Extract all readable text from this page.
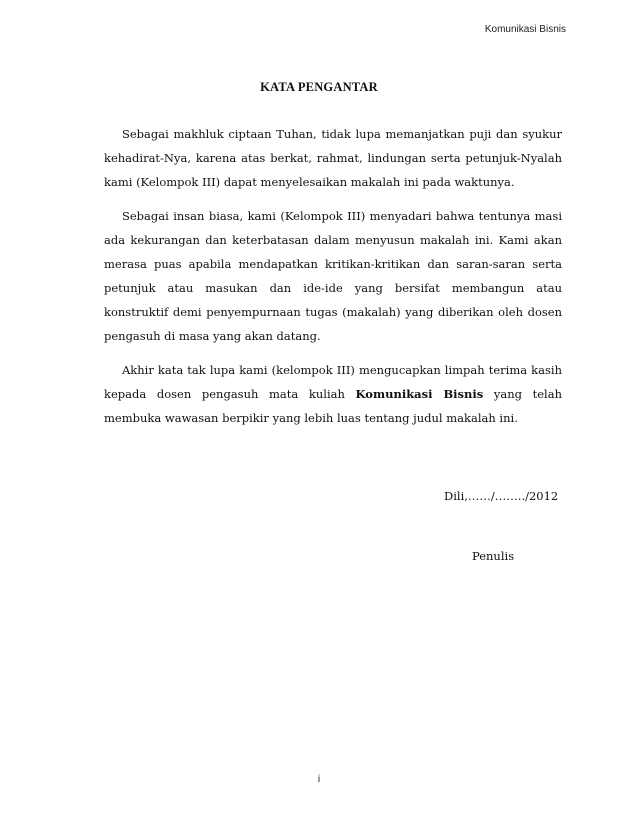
Komunikasi Bisnis
KATA PENGANTAR

Sebagai makhluk ciptaan Tuhan, tidak lupa memanjatkan puji dan syukur kehadirat-Nya, karena atas berkat, rahmat, lindungan serta petunjuk-Nyalah kami (Kelompok III) dapat menyelesaikan makalah ini pada waktunya.

Sebagai insan biasa, kami (Kelompok III) menyadari bahwa tentunya masi ada kekurangan dan keterbatasan dalam menyusun makalah ini. Kami akan merasa puas apabila mendapatkan kritikan-kritikan dan saran-saran serta petunjuk atau masukan dan ide-ide yang bersifat membangun atau konstruktif demi penyempurnaan tugas (makalah) yang diberikan oleh dosen pengasuh di masa yang akan datang.

Akhir kata tak lupa kami (kelompok III) mengucapkan limpah terima kasih kepada dosen pengasuh mata kuliah Komunikasi Bisnis yang telah membuka wawasan berpikir yang lebih luas tentang judul makalah ini.

Dili,……/……../2012
Penulis
i
